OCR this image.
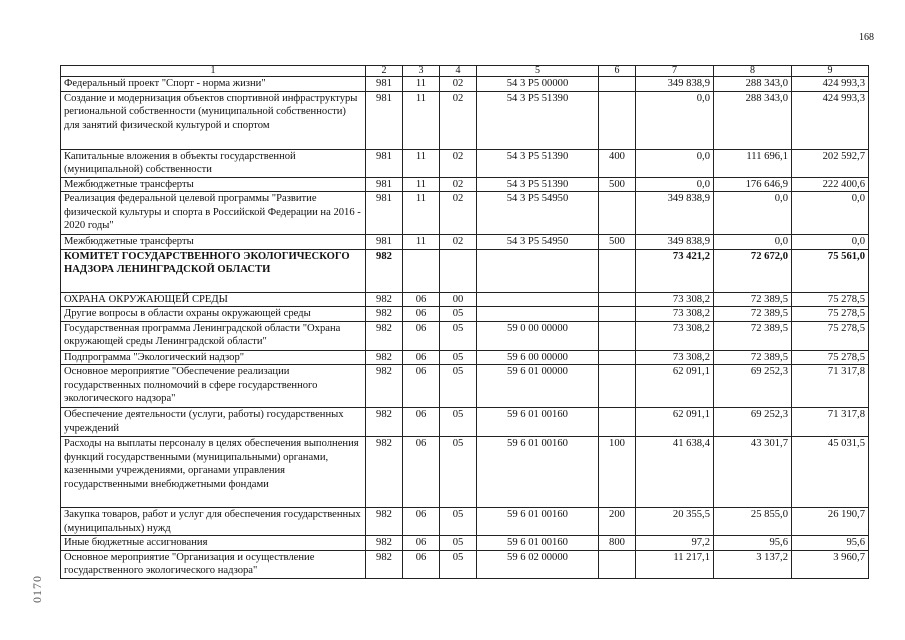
168
1	2	3	4	5	6	7	8	9
Федеральный проект "Спорт - норма жизни"	981	11	02	54 3 P5 00000		349 838,9	288 343,0	424 993,3
Создание и модернизация объектов спортивной инфраструктуры региональной собственности (муниципальной собственности) для занятий физической культурой и спортом	981	11	02	54 3 P5 51390		0,0	288 343,0	424 993,3
Капитальные вложения в объекты государственной (муниципальной) собственности	981	11	02	54 3 P5 51390	400	0,0	111 696,1	202 592,7
Межбюджетные трансферты	981	11	02	54 3 P5 51390	500	0,0	176 646,9	222 400,6
Реализация федеральной целевой программы "Развитие физической культуры и спорта в Российской Федерации на 2016 - 2020 годы"	981	11	02	54 3 P5 54950		349 838,9	0,0	0,0
Межбюджетные трансферты	981	11	02	54 3 P5 54950	500	349 838,9	0,0	0,0
КОМИТЕТ ГОСУДАРСТВЕННОГО ЭКОЛОГИЧЕСКОГО НАДЗОРА ЛЕНИНГРАДСКОЙ ОБЛАСТИ	982					73 421,2	72 672,0	75 561,0
ОХРАНА ОКРУЖАЮЩЕЙ СРЕДЫ	982	06	00			73 308,2	72 389,5	75 278,5
Другие вопросы в области охраны окружающей среды	982	06	05			73 308,2	72 389,5	75 278,5
Государственная программа Ленинградской области "Охрана окружающей среды Ленинградской области"	982	06	05	59 0 00 00000		73 308,2	72 389,5	75 278,5
Подпрограмма "Экологический надзор"	982	06	05	59 6 00 00000		73 308,2	72 389,5	75 278,5
Основное мероприятие "Обеспечение реализации государственных полномочий в сфере государственного экологического надзора"	982	06	05	59 6 01 00000		62 091,1	69 252,3	71 317,8
Обеспечение деятельности (услуги, работы) государственных учреждений	982	06	05	59 6 01 00160		62 091,1	69 252,3	71 317,8
Расходы на выплаты персоналу в целях обеспечения выполнения функций государственными (муниципальными) органами, казенными учреждениями, органами управления государственными внебюджетными фондами	982	06	05	59 6 01 00160	100	41 638,4	43 301,7	45 031,5
Закупка товаров, работ и услуг для обеспечения государственных (муниципальных) нужд	982	06	05	59 6 01 00160	200	20 355,5	25 855,0	26 190,7
Иные бюджетные ассигнования	982	06	05	59 6 01 00160	800	97,2	95,6	95,6
Основное мероприятие "Организация и осуществление государственного экологического надзора"	982	06	05	59 6 02 00000		11 217,1	3 137,2	3 960,7
0170
